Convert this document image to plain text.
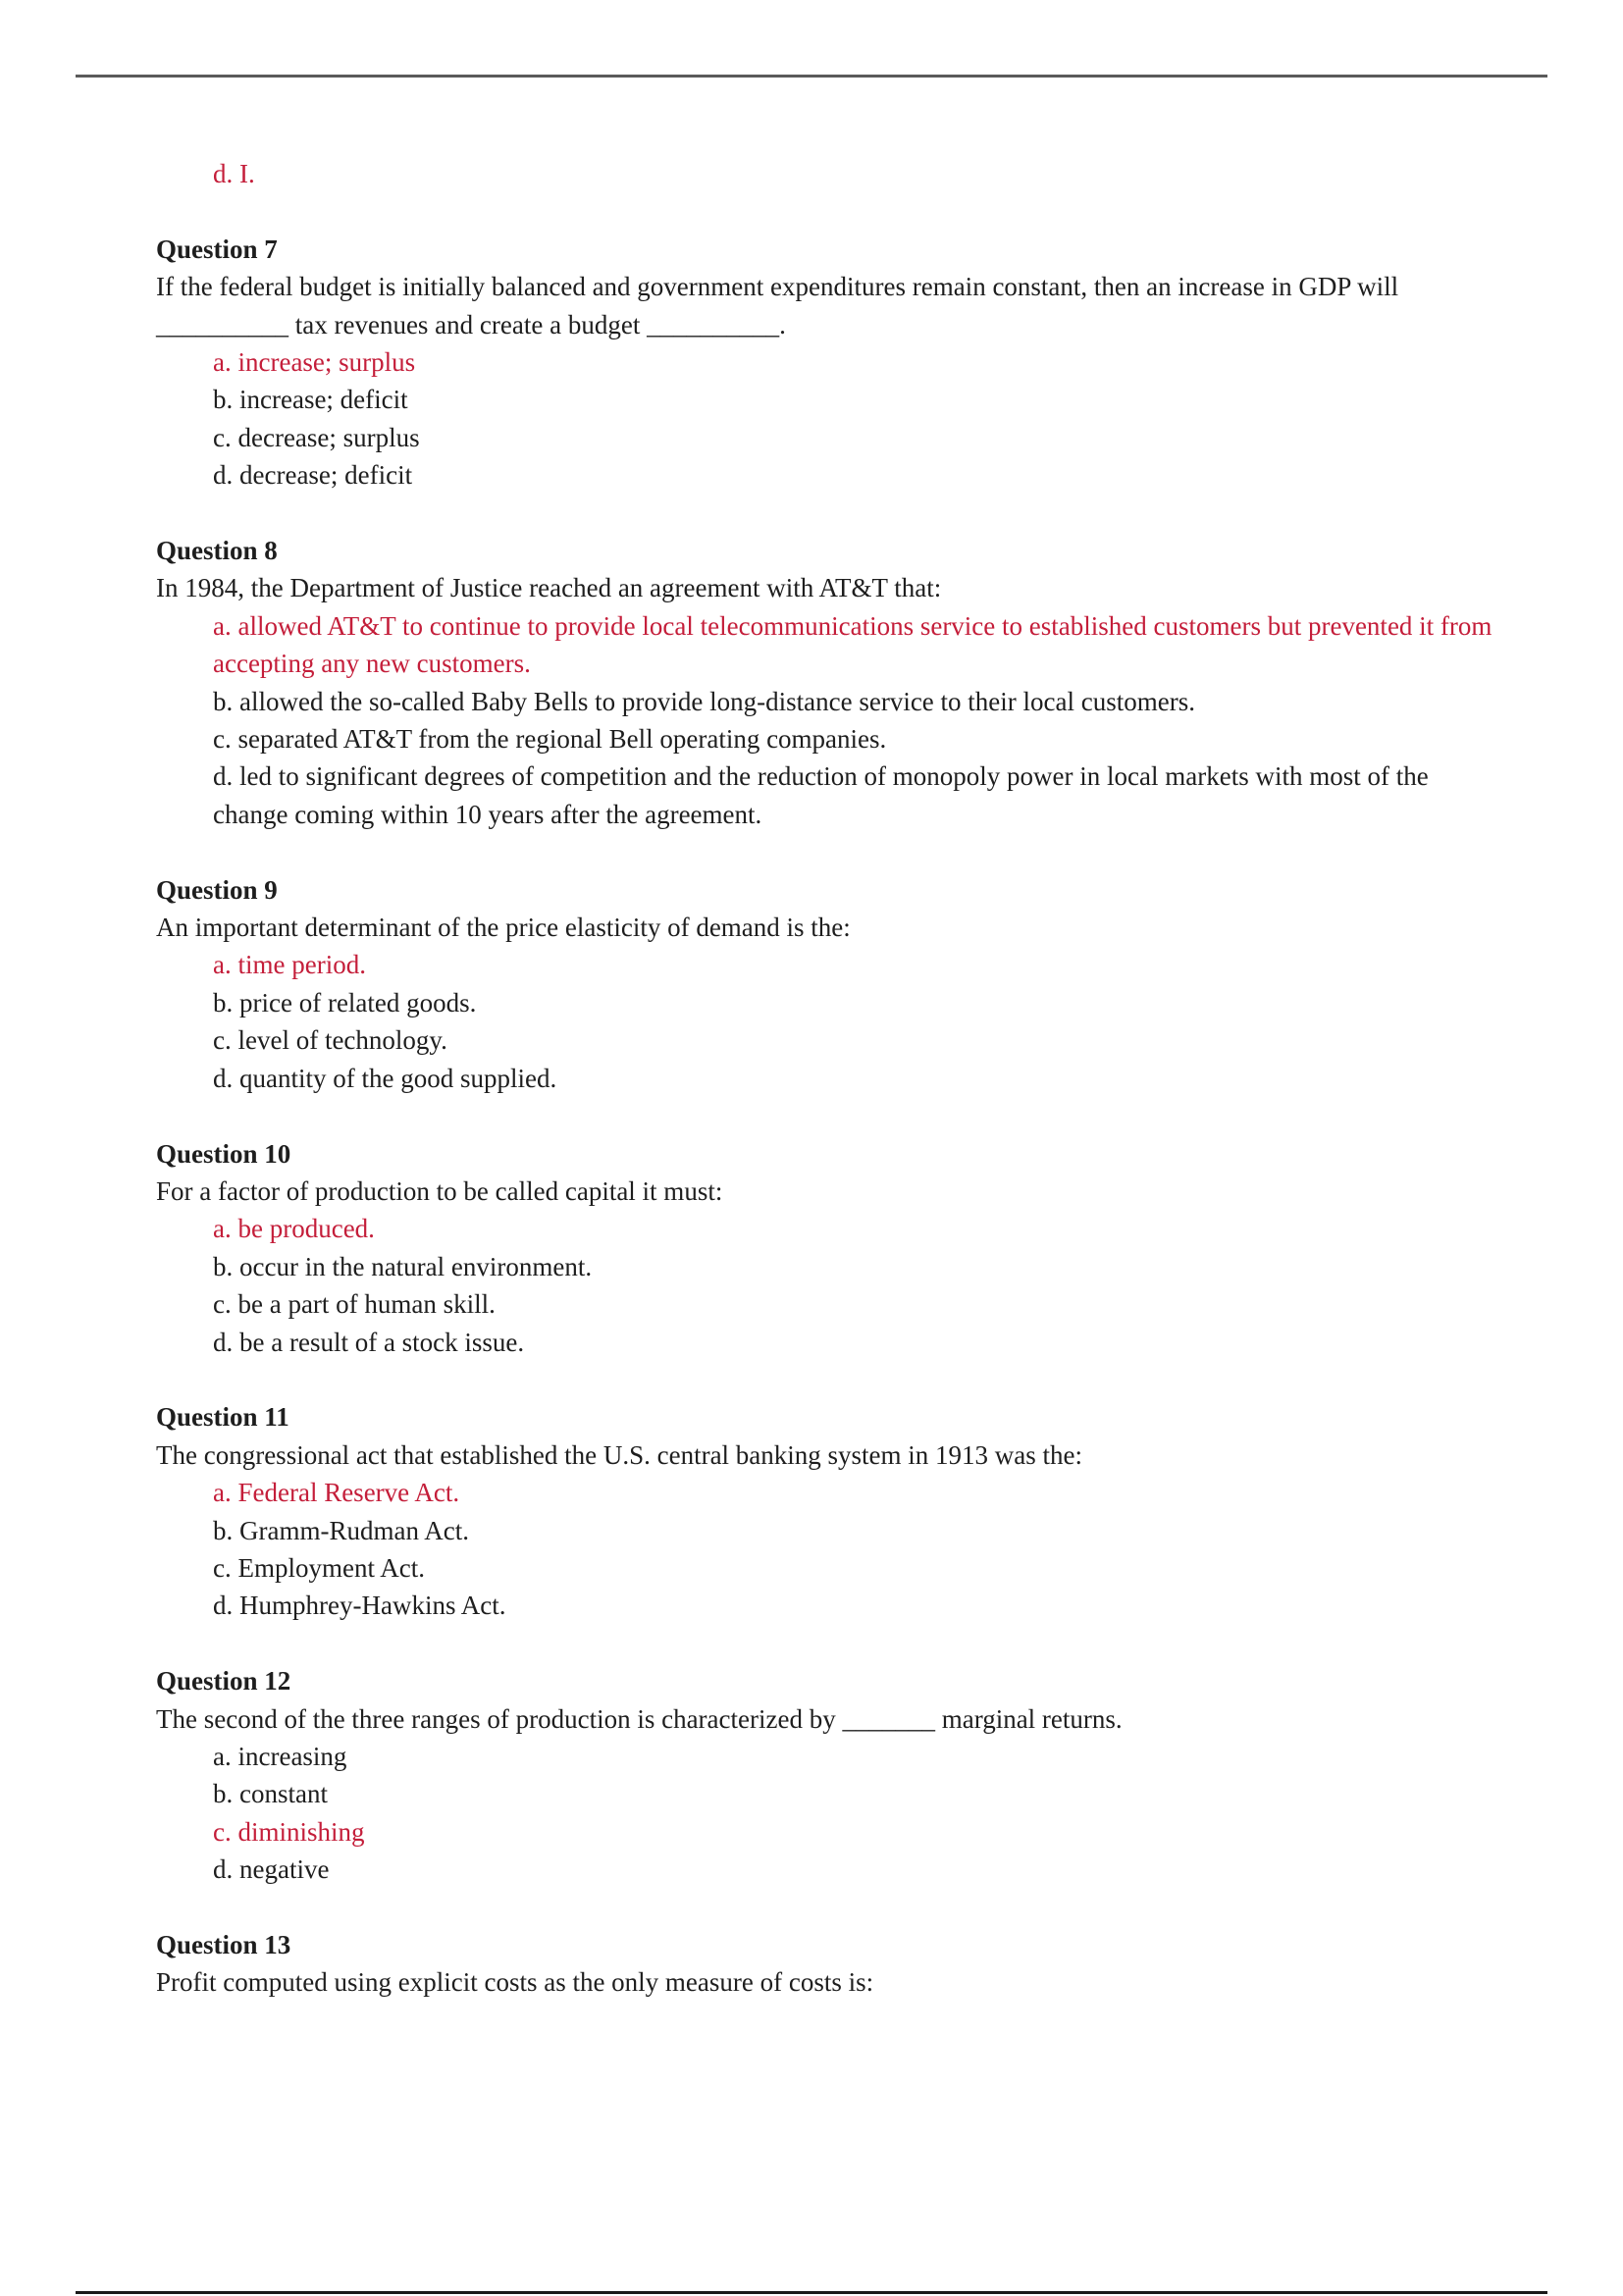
d. I.

Question 7

If the federal budget is initially balanced and government expenditures remain constant, then an increase in GDP will __________ tax revenues and create a budget __________.

a. increase; surplus

b. increase; deficit

c. decrease; surplus

d. decrease; deficit

Question 8

In 1984, the Department of Justice reached an agreement with AT&T that:

a. allowed AT&T to continue to provide local telecommunications service to established customers but prevented it from accepting any new customers.

b. allowed the so-called Baby Bells to provide long-distance service to their local customers.

c. separated AT&T from the regional Bell operating companies.

d. led to significant degrees of competition and the reduction of monopoly power in local markets with most of the change coming within 10 years after the agreement.

Question 9

An important determinant of the price elasticity of demand is the:

a. time period.

b. price of related goods.

c. level of technology.

d. quantity of the good supplied.

Question 10

For a factor of production to be called capital it must:

a. be produced.

b. occur in the natural environment.

c. be a part of human skill.

d. be a result of a stock issue.

Question 11

The congressional act that established the U.S. central banking system in 1913 was the:

a. Federal Reserve Act.

b. Gramm-Rudman Act.

c. Employment Act.

d. Humphrey-Hawkins Act.

Question 12

The second of the three ranges of production is characterized by _______ marginal returns.

a. increasing

b. constant

c. diminishing

d. negative

Question 13

Profit computed using explicit costs as the only measure of costs is:
